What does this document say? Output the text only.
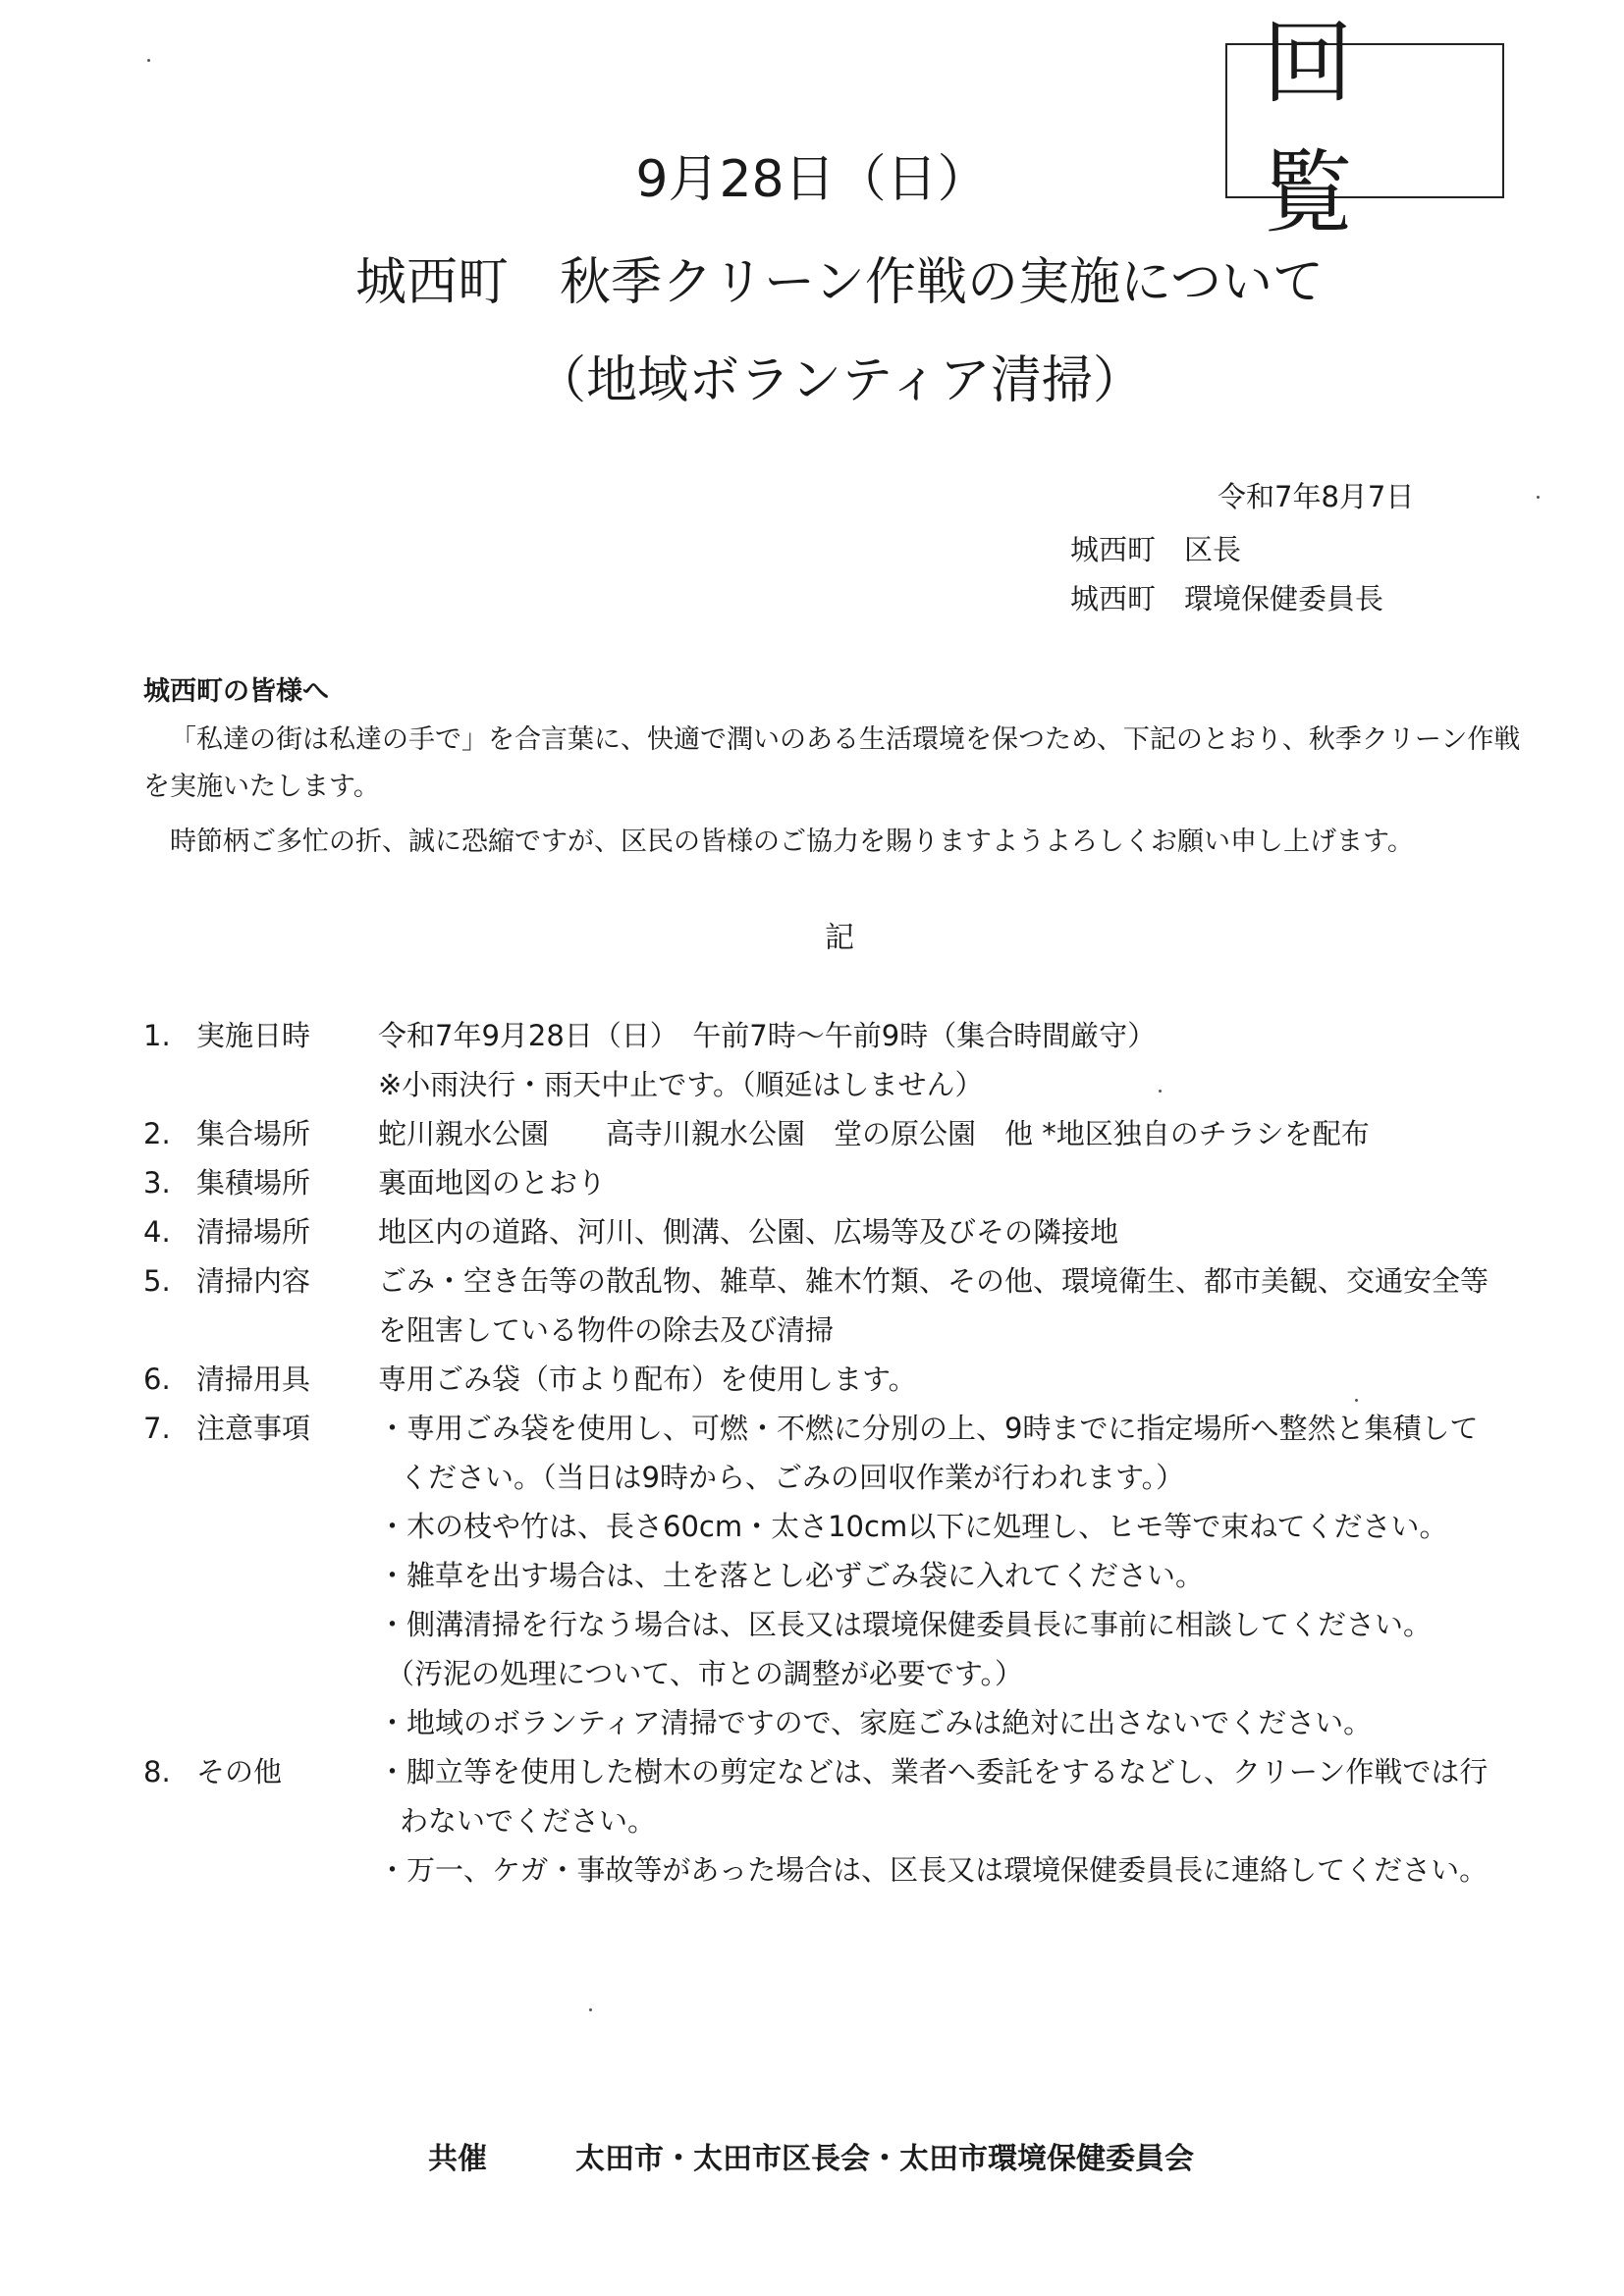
回覧
9月28日（日）
城西町　秋季クリーン作戦の実施について
（地域ボランティア清掃）
令和7年8月7日
城西町　区長
城西町　環境保健委員長
城西町の皆様へ
「私達の街は私達の手で」を合言葉に、快適で潤いのある生活環境を保つため、下記のとおり、秋季クリーン作戦を実施いたします。
時節柄ご多忙の折、誠に恐縮ですが、区民の皆様のご協力を賜りますようよろしくお願い申し上げます。
記
1. 実施日時	令和7年9月28日（日）　午前7時〜午前9時（集合時間厳守）
※小雨決行・雨天中止です。（順延はしません）
2. 集合場所	蛇川親水公園　　高寺川親水公園　堂の原公園　他 *地区独自のチラシを配布
3. 集積場所	裏面地図のとおり
4. 清掃場所	地区内の道路、河川、側溝、公園、広場等及びその隣接地
5. 清掃内容	ごみ・空き缶等の散乱物、雑草、雑木竹類、その他、環境衛生、都市美観、交通安全等
を阻害している物件の除去及び清掃
6. 清掃用具	専用ごみ袋（市より配布）を使用します。
7. 注意事項	・専用ごみ袋を使用し、可燃・不燃に分別の上、9時までに指定場所へ整然と集積して
ください。（当日は9時から、ごみの回収作業が行われます。）
・木の枝や竹は、長さ60cm・太さ10cm以下に処理し、ヒモ等で束ねてください。
・雑草を出す場合は、土を落とし必ずごみ袋に入れてください。
・側溝清掃を行なう場合は、区長又は環境保健委員長に事前に相談してください。
（汚泥の処理について、市との調整が必要です。）
・地域のボランティア清掃ですので、家庭ごみは絶対に出さないでください。
8. その他	・脚立等を使用した樹木の剪定などは、業者へ委託をするなどし、クリーン作戦では行
わないでください。
・万一、ケガ・事故等があった場合は、区長又は環境保健委員長に連絡してください。
共催　　　	太田市・太田市区長会・太田市環境保健委員会
